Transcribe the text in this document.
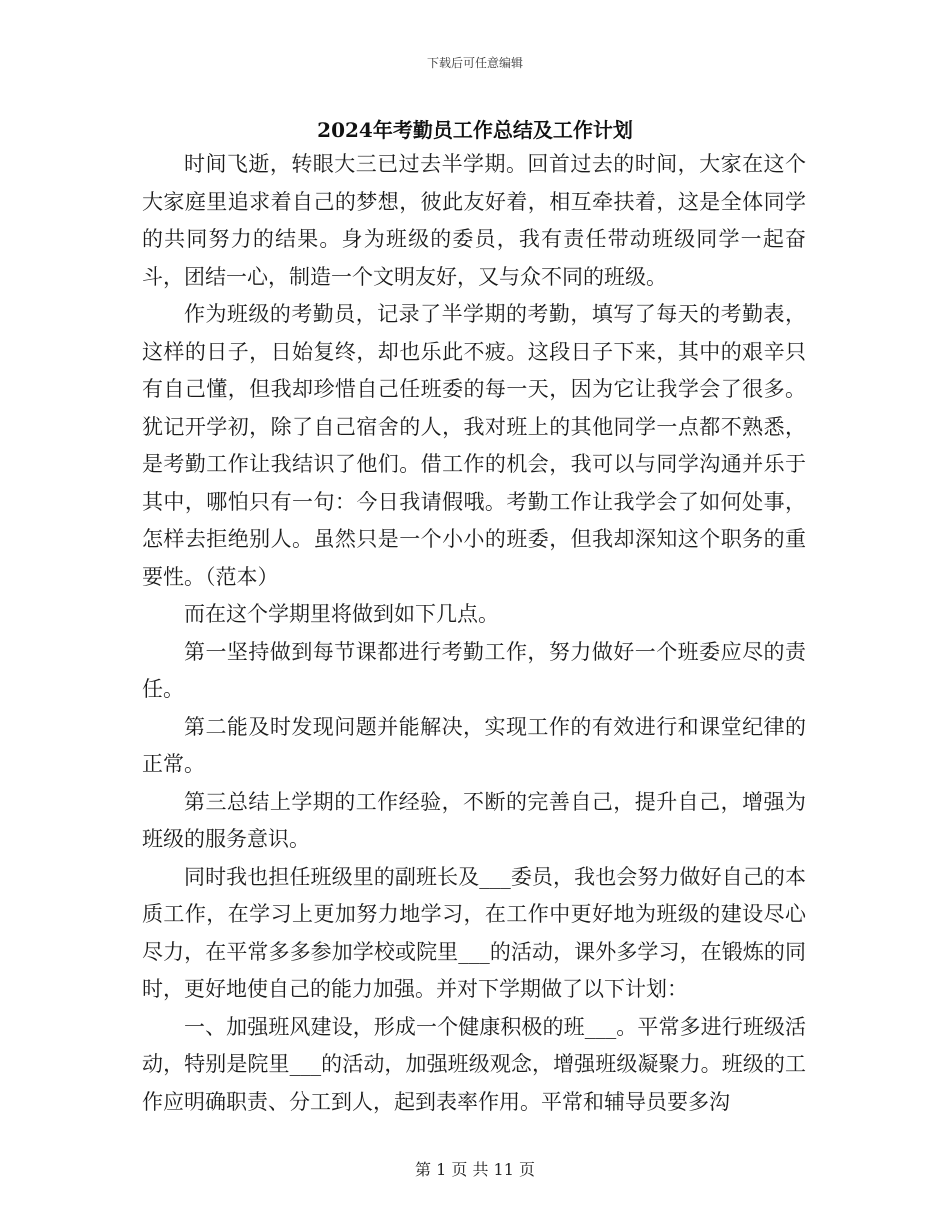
下载后可任意编辑
2024年考勤员工作总结及工作计划

时间飞逝，转眼大三已过去半学期。回首过去的时间，大家在这个大家庭里追求着自己的梦想，彼此友好着，相互牵扶着，这是全体同学的共同努力的结果。身为班级的委员，我有责任带动班级同学一起奋斗，团结一心，制造一个文明友好，又与众不同的班级。

作为班级的考勤员，记录了半学期的考勤，填写了每天的考勤表，这样的日子，日始复终，却也乐此不疲。这段日子下来，其中的艰辛只有自己懂，但我却珍惜自己任班委的每一天，因为它让我学会了很多。犹记开学初，除了自己宿舍的人，我对班上的其他同学一点都不熟悉，是考勤工作让我结识了他们。借工作的机会，我可以与同学沟通并乐于其中，哪怕只有一句：今日我请假哦。考勤工作让我学会了如何处事，怎样去拒绝别人。虽然只是一个小小的班委，但我却深知这个职务的重要性。（范本）

而在这个学期里将做到如下几点。

第一坚持做到每节课都进行考勤工作，努力做好一个班委应尽的责任。

第二能及时发现问题并能解决，实现工作的有效进行和课堂纪律的正常。

第三总结上学期的工作经验，不断的完善自己，提升自己，增强为班级的服务意识。

同时我也担任班级里的副班长及___委员，我也会努力做好自己的本质工作，在学习上更加努力地学习，在工作中更好地为班级的建设尽心尽力，在平常多多参加学校或院里___的活动，课外多学习，在锻炼的同时，更好地使自己的能力加强。并对下学期做了以下计划：

一、加强班风建设，形成一个健康积极的班___。平常多进行班级活动，特别是院里___的活动，加强班级观念，增强班级凝聚力。班级的工作应明确职责、分工到人，起到表率作用。平常和辅导员要多沟

第 1 页 共 11 页
